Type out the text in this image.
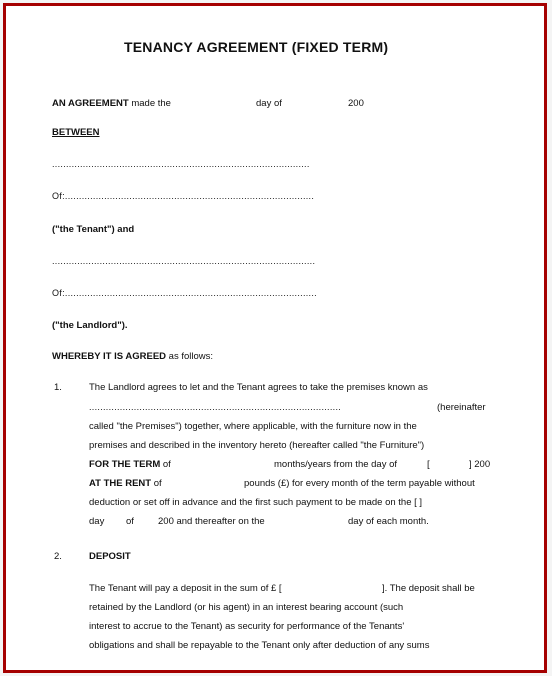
TENANCY AGREEMENT (FIXED TERM)
AN AGREEMENT made the	day of	200
BETWEEN
............................................................................................
Of:.........................................................................................
("the Tenant") and
..............................................................................................
Of:..........................................................................................
("the Landlord").
WHEREBY IT IS AGREED as follows:
1.	The Landlord agrees to let and the Tenant agrees to take the premises known as
..........................................................................................	(hereinafter
called "the Premises") together, where applicable, with the furniture now in the
premises and described in the inventory hereto (hereafter called "the Furniture")
FOR THE TERM of	months/years from the day of	[	] 200
AT THE RENT of	pounds (£) for every month of the term payable without
deduction or set off in advance and the first such payment to be made on the [ ]
day of	200 and thereafter on the	day of each month.
2.	DEPOSIT
The Tenant will pay a deposit in the sum of £ [	]. The deposit shall be
retained by the Landlord (or his agent) in an interest bearing account (such
interest to accrue to the Tenant) as security for performance of the Tenants'
obligations and shall be repayable to the Tenant only after deduction of any sums
